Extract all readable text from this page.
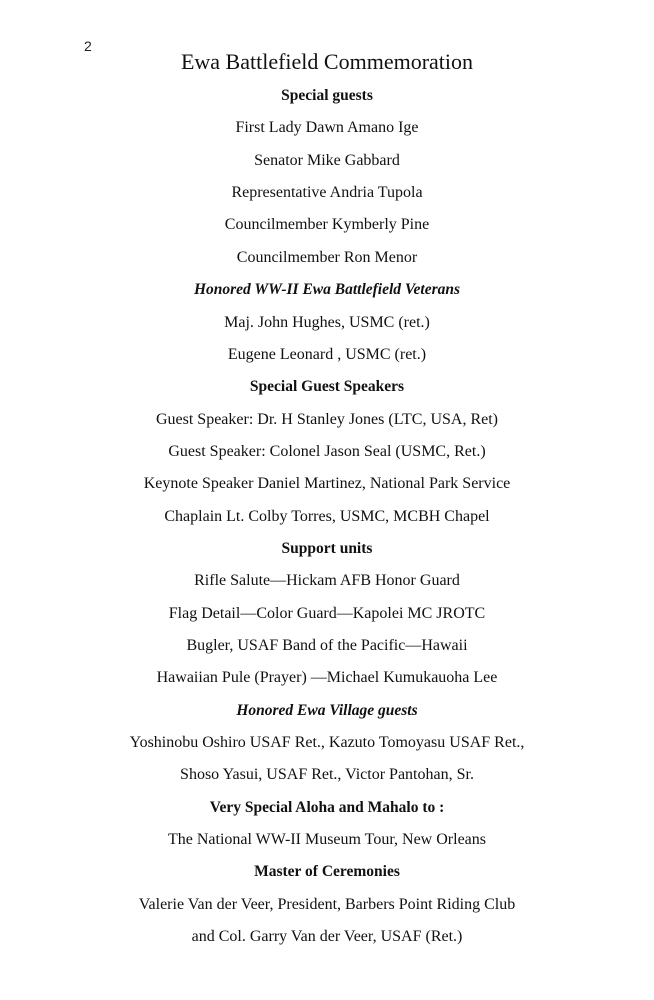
2
Ewa Battlefield Commemoration
Special guests
First Lady Dawn Amano Ige
Senator Mike Gabbard
Representative Andria Tupola
Councilmember Kymberly Pine
Councilmember Ron Menor
Honored WW-II Ewa Battlefield Veterans
Maj. John Hughes, USMC (ret.)
Eugene Leonard , USMC (ret.)
Special Guest Speakers
Guest Speaker: Dr. H Stanley Jones (LTC, USA, Ret)
Guest Speaker: Colonel Jason Seal (USMC, Ret.)
Keynote Speaker Daniel Martinez, National Park Service
Chaplain Lt. Colby Torres, USMC, MCBH Chapel
Support units
Rifle Salute—Hickam AFB Honor Guard
Flag Detail—Color Guard—Kapolei MC JROTC
Bugler, USAF Band of the Pacific—Hawaii
Hawaiian Pule (Prayer) —Michael Kumukauoha Lee
Honored Ewa Village guests
Yoshinobu Oshiro USAF Ret., Kazuto Tomoyasu USAF Ret.,
Shoso Yasui, USAF Ret., Victor Pantohan, Sr.
Very Special Aloha and Mahalo to :
The National WW-II Museum Tour, New Orleans
Master of Ceremonies
Valerie Van der Veer, President, Barbers Point Riding Club
and Col. Garry Van der Veer, USAF (Ret.)
